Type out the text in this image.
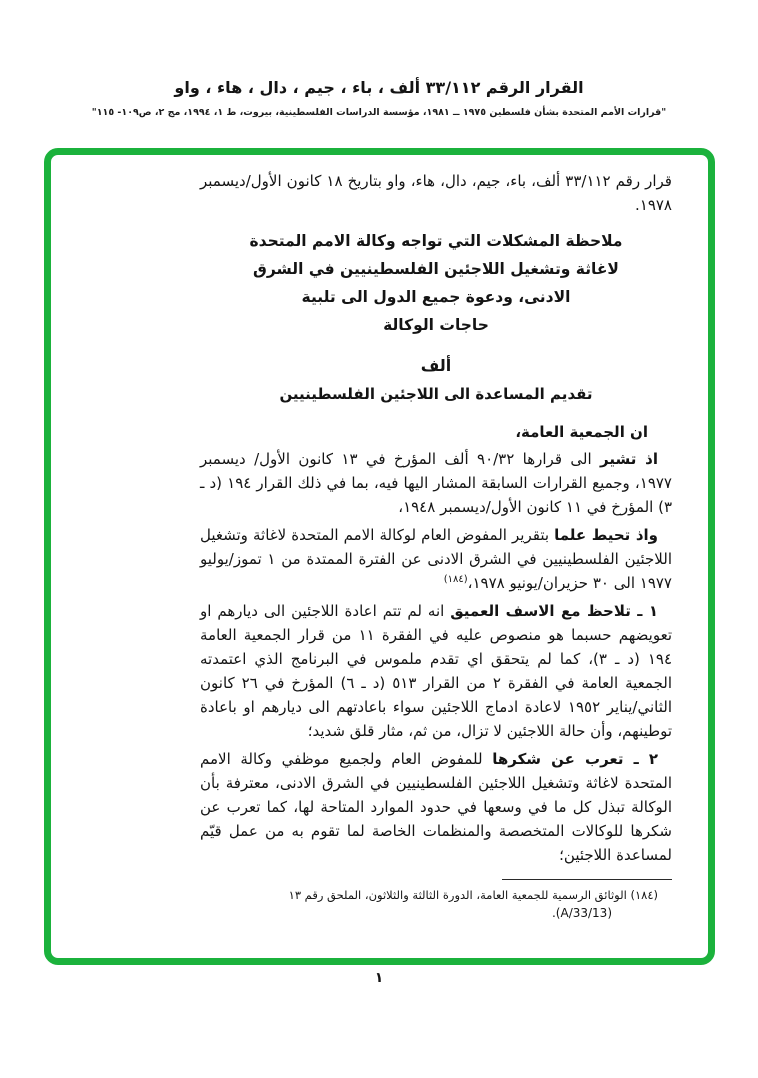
القرار الرقم ٣٣/١١٢ ألف ، باء ، جيم ، دال ، هاء ، واو
"قرارات الأمم المتحدة بشأن فلسطين ١٩٧٥ ــ ١٩٨١، مؤسسة الدراسات الفلسطينية، بيروت، ط ١، ١٩٩٤، مج ٢، ص١٠٩- ١١٥"

قرار رقم ٣٣/١١٢ ألف، باء، جيم، دال، هاء، واو بتاريخ ١٨ كانون الأول/ديسمبر ١٩٧٨.

ملاحظة المشكلات التي تواجه وكالة الامم المتحدة
لاغاثة وتشغيل اللاجئين الفلسطينيين في الشرق
الادنى، ودعوة جميع الدول الى تلبية
حاجات الوكالة
ألف
تقديم المساعدة الى اللاجئين الفلسطينيين
ان الجمعية العامة،

اذ تشير الى قرارها ٩٠/٣٢ ألف المؤرخ في ١٣ كانون الأول/ ديسمبر ١٩٧٧، وجميع القرارات السابقة المشار اليها فيه، بما في ذلك القرار ١٩٤ (د ـ ٣) المؤرخ في ١١ كانون الأول/ديسمبر ١٩٤٨،

واذ تحيط علما بتقرير المفوض العام لوكالة الامم المتحدة لاغاثة وتشغيل اللاجئين الفلسطينيين في الشرق الادنى عن الفترة الممتدة من ١ تموز/يوليو ١٩٧٧ الى ٣٠ حزيران/يونيو ١٩٧٨،$^{(١٨٤)}$

١ ـ تلاحظ مع الاسف العميق انه لم تتم اعادة اللاجئين الى ديارهم او تعويضهم حسبما هو منصوص عليه في الفقرة ١١ من قرار الجمعية العامة ١٩٤ (د ـ ٣)، كما لم يتحقق اي تقدم ملموس في البرنامج الذي اعتمدته الجمعية العامة في الفقرة ٢ من القرار ٥١٣ (د ـ ٦) المؤرخ في ٢٦ كانون الثاني/يناير ١٩٥٢ لاعادة ادماج اللاجئين سواء باعادتهم الى ديارهم او باعادة توطينهم، وأن حالة اللاجئين لا تزال، من ثم، مثار قلق شديد؛

٢ ـ تعرب عن شكرها للمفوض العام ولجميع موظفي وكالة الامم المتحدة لاغاثة وتشغيل اللاجئين الفلسطينيين في الشرق الادنى، معترفة بأن الوكالة تبذل كل ما في وسعها في حدود الموارد المتاحة لها، كما تعرب عن شكرها للوكالات المتخصصة والمنظمات الخاصة لما تقوم به من عمل قيّم لمساعدة اللاجئين؛

(١٨٤) الوثائق الرسمية للجمعية العامة، الدورة الثالثة والثلاثون، الملحق رقم ١٣
.(A/33/13)
١
